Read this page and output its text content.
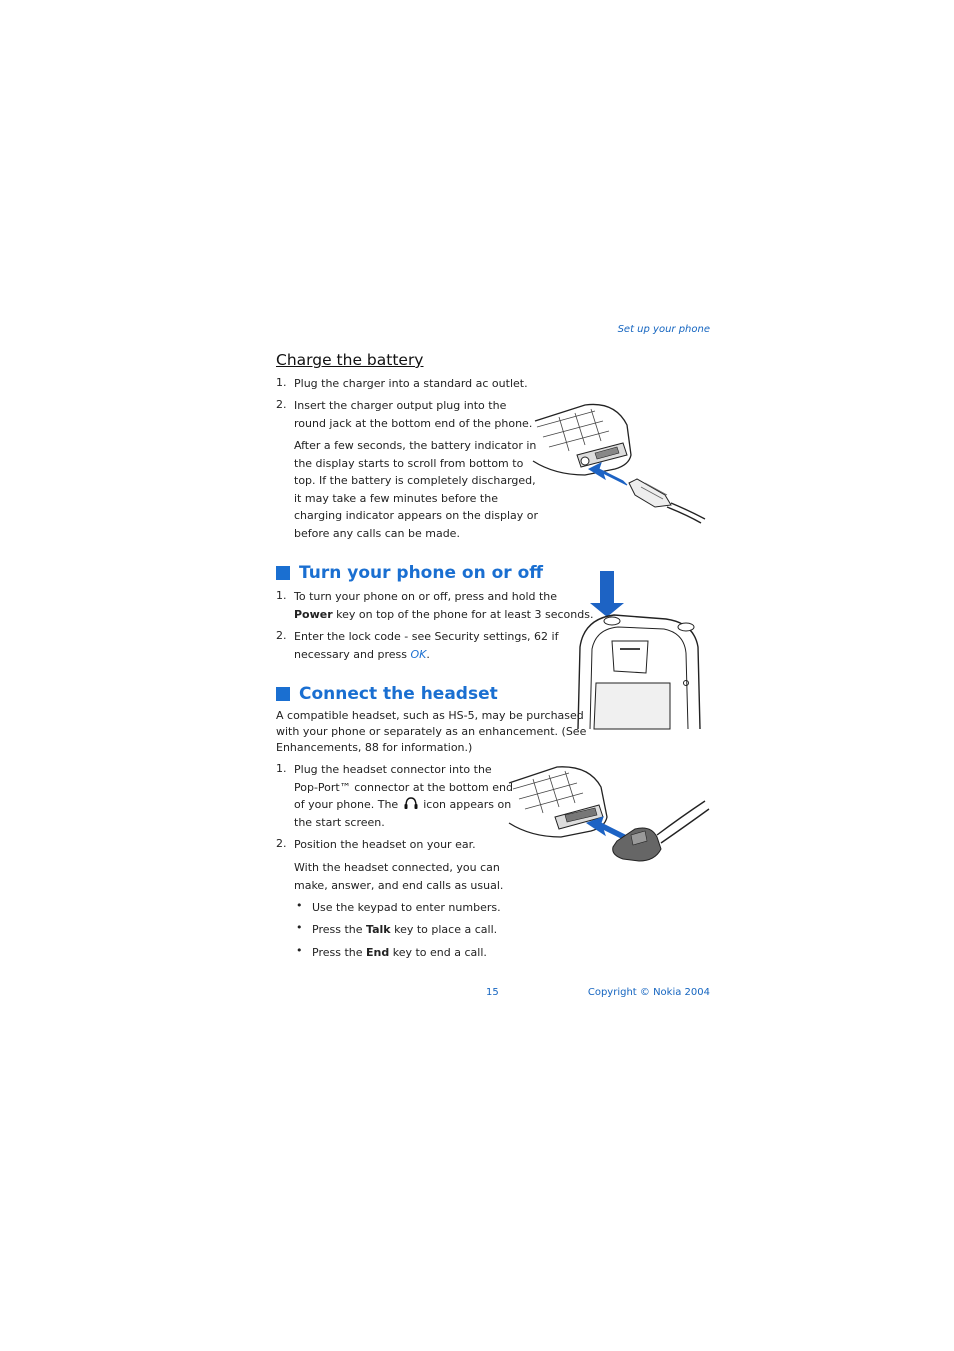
Set up your phone
Charge the battery
1. Plug the charger into a standard ac outlet.
2. Insert the charger output plug into the
round jack at the bottom end of the phone.
After a few seconds, the battery indicator in
the display starts to scroll from bottom to
top. If the battery is completely discharged,
it may take a few minutes before the
charging indicator appears on the display or
before any calls can be made.
Turn your phone on or off
1. To turn your phone on or off, press and hold the
Power key on top of the phone for at least 3 seconds.
2. Enter the lock code - see Security settings, 62 if
necessary and press OK.
Connect the headset
A compatible headset, such as HS-5, may be purchased
with your phone or separately as an enhancement. (See
Enhancements, 88 for information.)
1. Plug the headset connector into the
Pop-Port™ connector at the bottom end
of your phone. The icon appears on
the start screen.
2. Position the headset on your ear.
With the headset connected, you can
make, answer, and end calls as usual.
• Use the keypad to enter numbers.
• Press the Talk key to place a call.
• Press the End key to end a call.
15	Copyright © Nokia 2004
